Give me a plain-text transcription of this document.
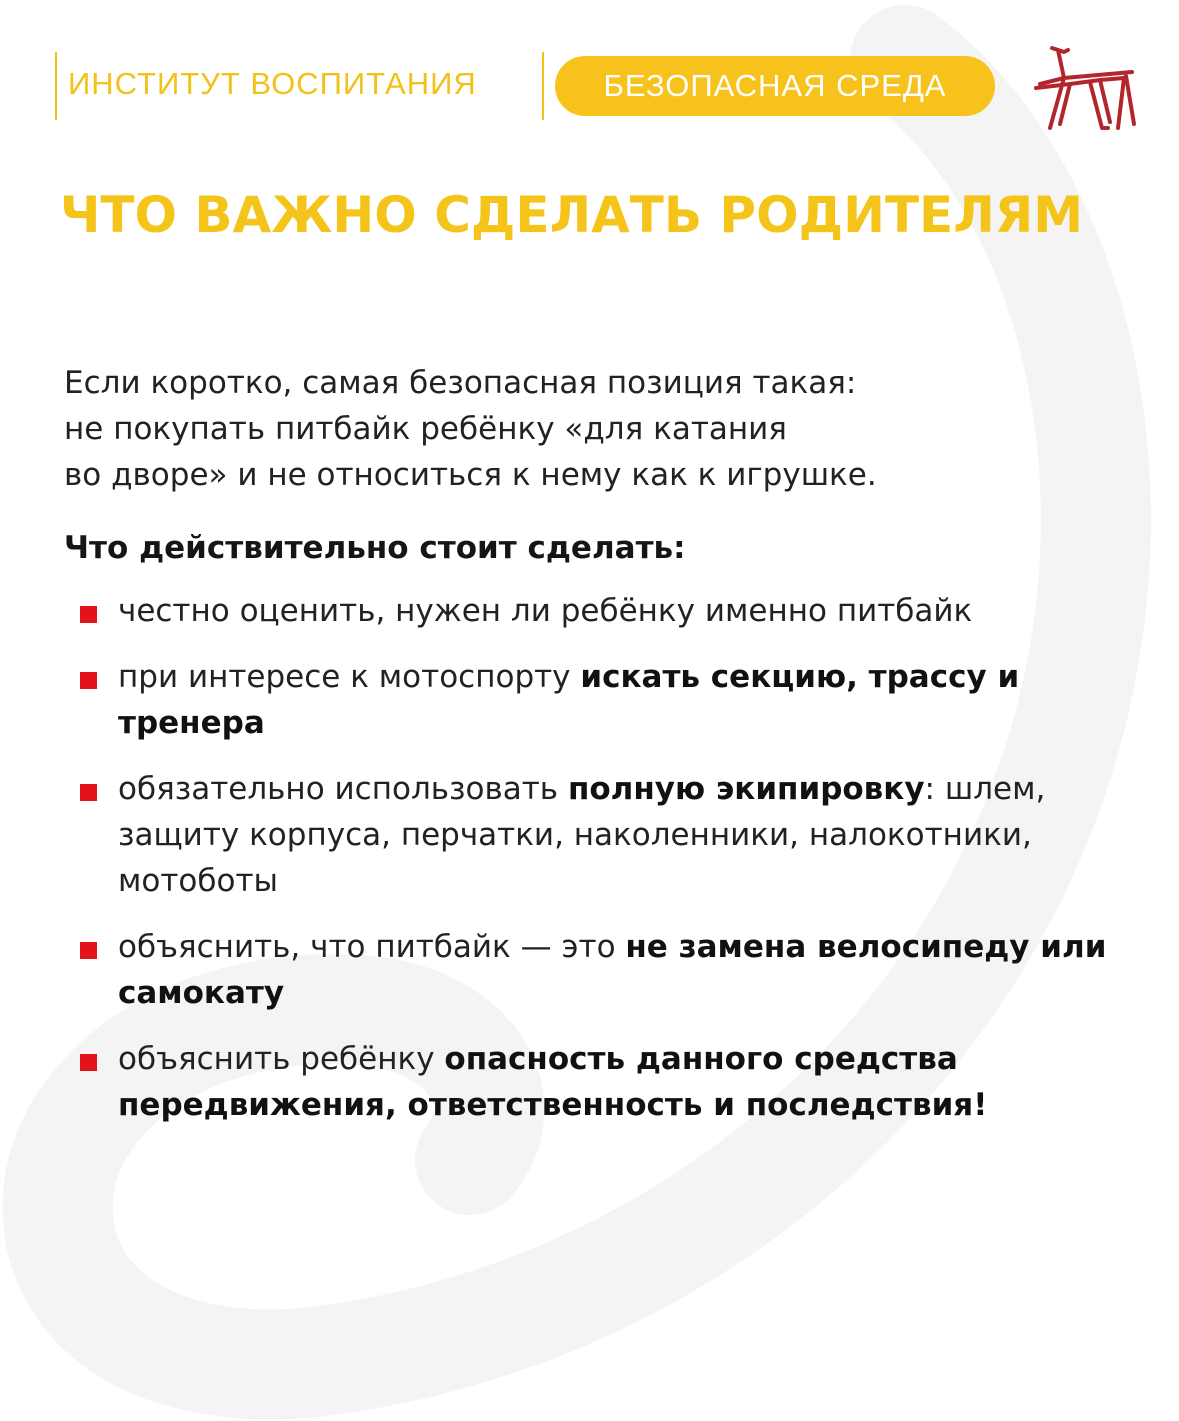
ИНСТИТУТ ВОСПИТАНИЯ	БЕЗОПАСНАЯ СРЕДА
ЧТО ВАЖНО СДЕЛАТЬ РОДИТЕЛЯМ

Если коротко, самая безопасная позиция такая:
не покупать питбайк ребёнку «для катания
во дворе» и не относиться к нему как к игрушке.

Что действительно стоит сделать:
честно оценить, нужен ли ребёнку именно питбайк
при интересе к мотоспорту искать секцию, трассу и тренера
обязательно использовать полную экипировку: шлем, защиту корпуса, перчатки, наколенники, налокотники, мотоботы
объяснить, что питбайк — это не замена велосипеду или самокату
объяснить ребёнку опасность данного средства передвижения, ответственность и последствия!
